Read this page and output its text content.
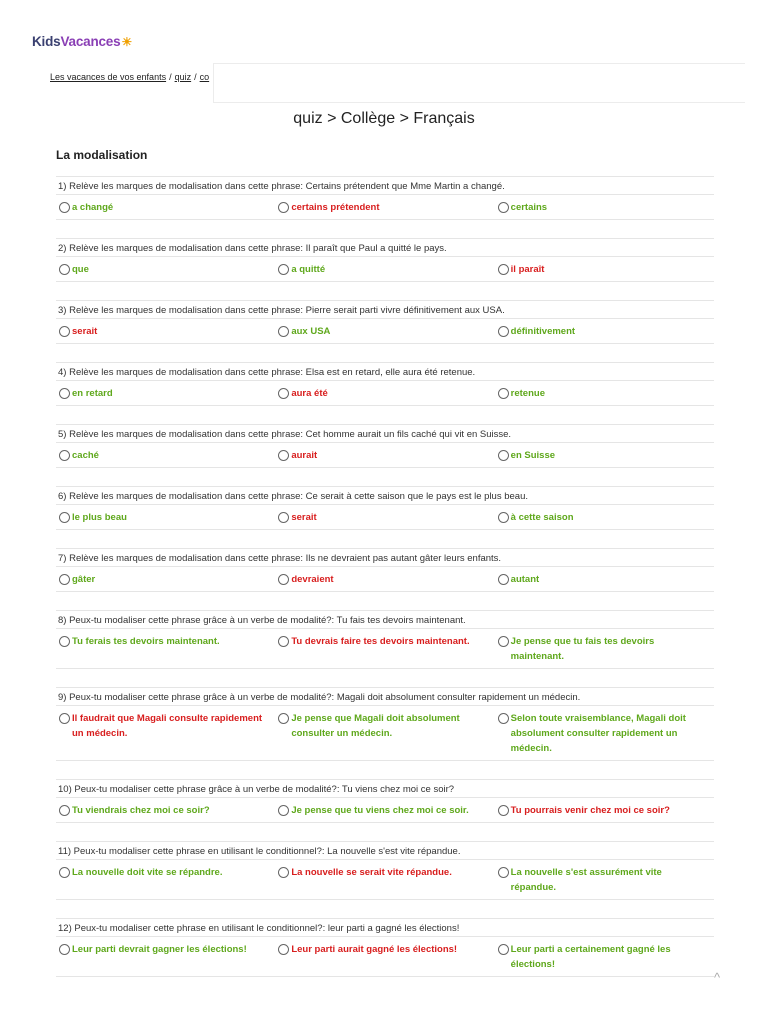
KidsVacances☀
Les vacances de vos enfants / quiz / co
quiz > Collège > Français
La modalisation
1) Relève les marques de modalisation dans cette phrase: Certains prétendent que Mme Martin a changé.
a changé	certains prétendent	certains
2) Relève les marques de modalisation dans cette phrase: Il paraît que Paul a quitté le pays.
que	a quitté	il paraît
3) Relève les marques de modalisation dans cette phrase: Pierre serait parti vivre définitivement aux USA.
serait	aux USA	définitivement
4) Relève les marques de modalisation dans cette phrase: Elsa est en retard, elle aura été retenue.
en retard	aura été	retenue
5) Relève les marques de modalisation dans cette phrase: Cet homme aurait un fils caché qui vit en Suisse.
caché	aurait	en Suisse
6) Relève les marques de modalisation dans cette phrase: Ce serait à cette saison que le pays est le plus beau.
le plus beau	serait	à cette saison
7) Relève les marques de modalisation dans cette phrase: Ils ne devraient pas autant gâter leurs enfants.
gâter	devraient	autant
8) Peux-tu modaliser cette phrase grâce à un verbe de modalité?: Tu fais tes devoirs maintenant.
Tu ferais tes devoirs maintenant.	Tu devrais faire tes devoirs maintenant.	Je pense que tu fais tes devoirs maintenant.
9) Peux-tu modaliser cette phrase grâce à un verbe de modalité?: Magali doit absolument consulter rapidement un médecin.
Il faudrait que Magali consulte rapidement un médecin.
Je pense que Magali doit absolument consulter un médecin.
Selon toute vraisemblance, Magali doit absolument consulter rapidement un médecin.
10) Peux-tu modaliser cette phrase grâce à un verbe de modalité?: Tu viens chez moi ce soir?
Tu viendrais chez moi ce soir?	Je pense que tu viens chez moi ce soir.	Tu pourrais venir chez moi ce soir?
11) Peux-tu modaliser cette phrase en utilisant le conditionnel?: La nouvelle s'est vite répandue.
La nouvelle doit vite se répandre.	La nouvelle se serait vite répandue.	La nouvelle s'est assurément vite répandue.
12) Peux-tu modaliser cette phrase en utilisant le conditionnel?: leur parti a gagné les élections!
Leur parti devrait gagner les élections!	Leur parti aurait gagné les élections!	Leur parti a certainement gagné les élections!
^
